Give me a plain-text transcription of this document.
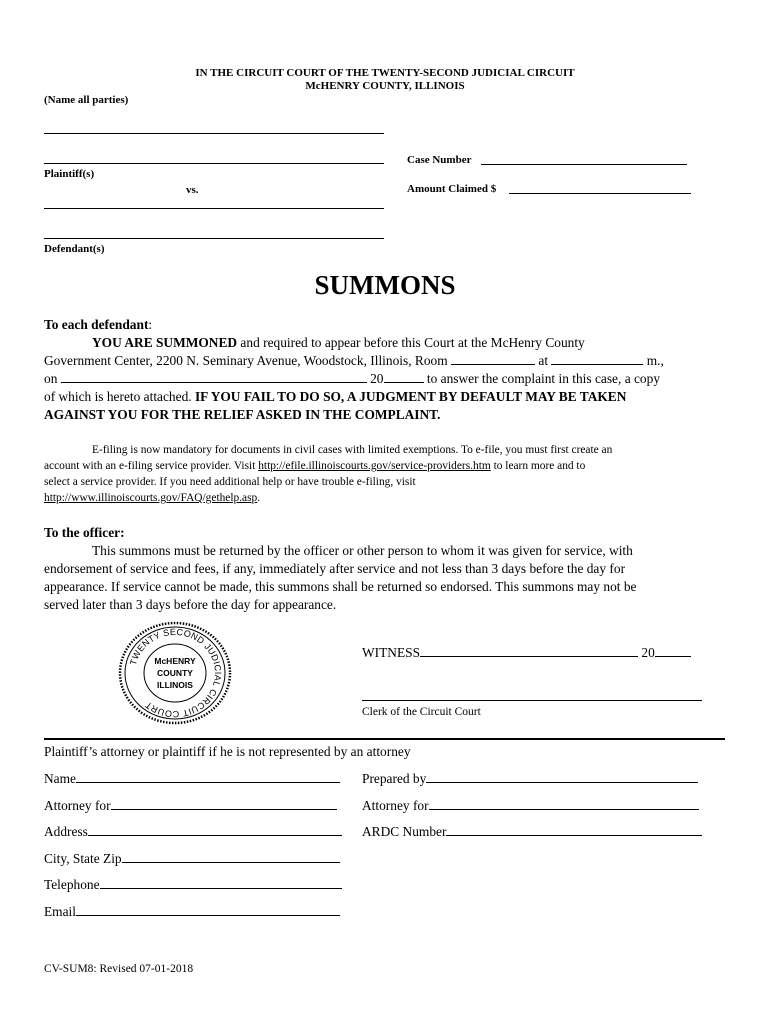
IN THE CIRCUIT COURT OF THE TWENTY-SECOND JUDICIAL CIRCUIT
McHENRY COUNTY, ILLINOIS
(Name all parties)
Plaintiff(s)
vs.
Case Number
Amount Claimed $
Defendant(s)
SUMMONS
To each defendant:
YOU ARE SUMMONED and required to appear before this Court at the McHenry County
Government Center, 2200 N. Seminary Avenue, Woodstock, Illinois, Room	at	m.,
on	20	to answer the complaint in this case, a copy
of which is hereto attached. IF YOU FAIL TO DO SO, A JUDGMENT BY DEFAULT MAY BE TAKEN
AGAINST YOU FOR THE RELIEF ASKED IN THE COMPLAINT.
E-filing is now mandatory for documents in civil cases with limited exemptions. To e-file, you must first create an
account with an e-filing service provider. Visit http://efile.illinoiscourts.gov/service-providers.htm to learn more and to
select a service provider. If you need additional help or have trouble e-filing, visit
http://www.illinoiscourts.gov/FAQ/gethelp.asp.
To the officer:
This summons must be returned by the officer or other person to whom it was given for service, with
endorsement of service and fees, if any, immediately after service and not less than 3 days before the day for
appearance. If service cannot be made, this summons shall be returned so endorsed. This summons may not be
served later than 3 days before the day for appearance.
TWENTY SECOND JUDICIAL CIRCUIT COURT
McHENRY
COUNTY
ILLINOIS
WITNESS	20
Clerk of the Circuit Court
Plaintiff’s attorney or plaintiff if he is not represented by an attorney
Name
Attorney for
Address
City, State Zip
Telephone
Email
Prepared by
Attorney for
ARDC Number
CV-SUM8: Revised 07-01-2018
